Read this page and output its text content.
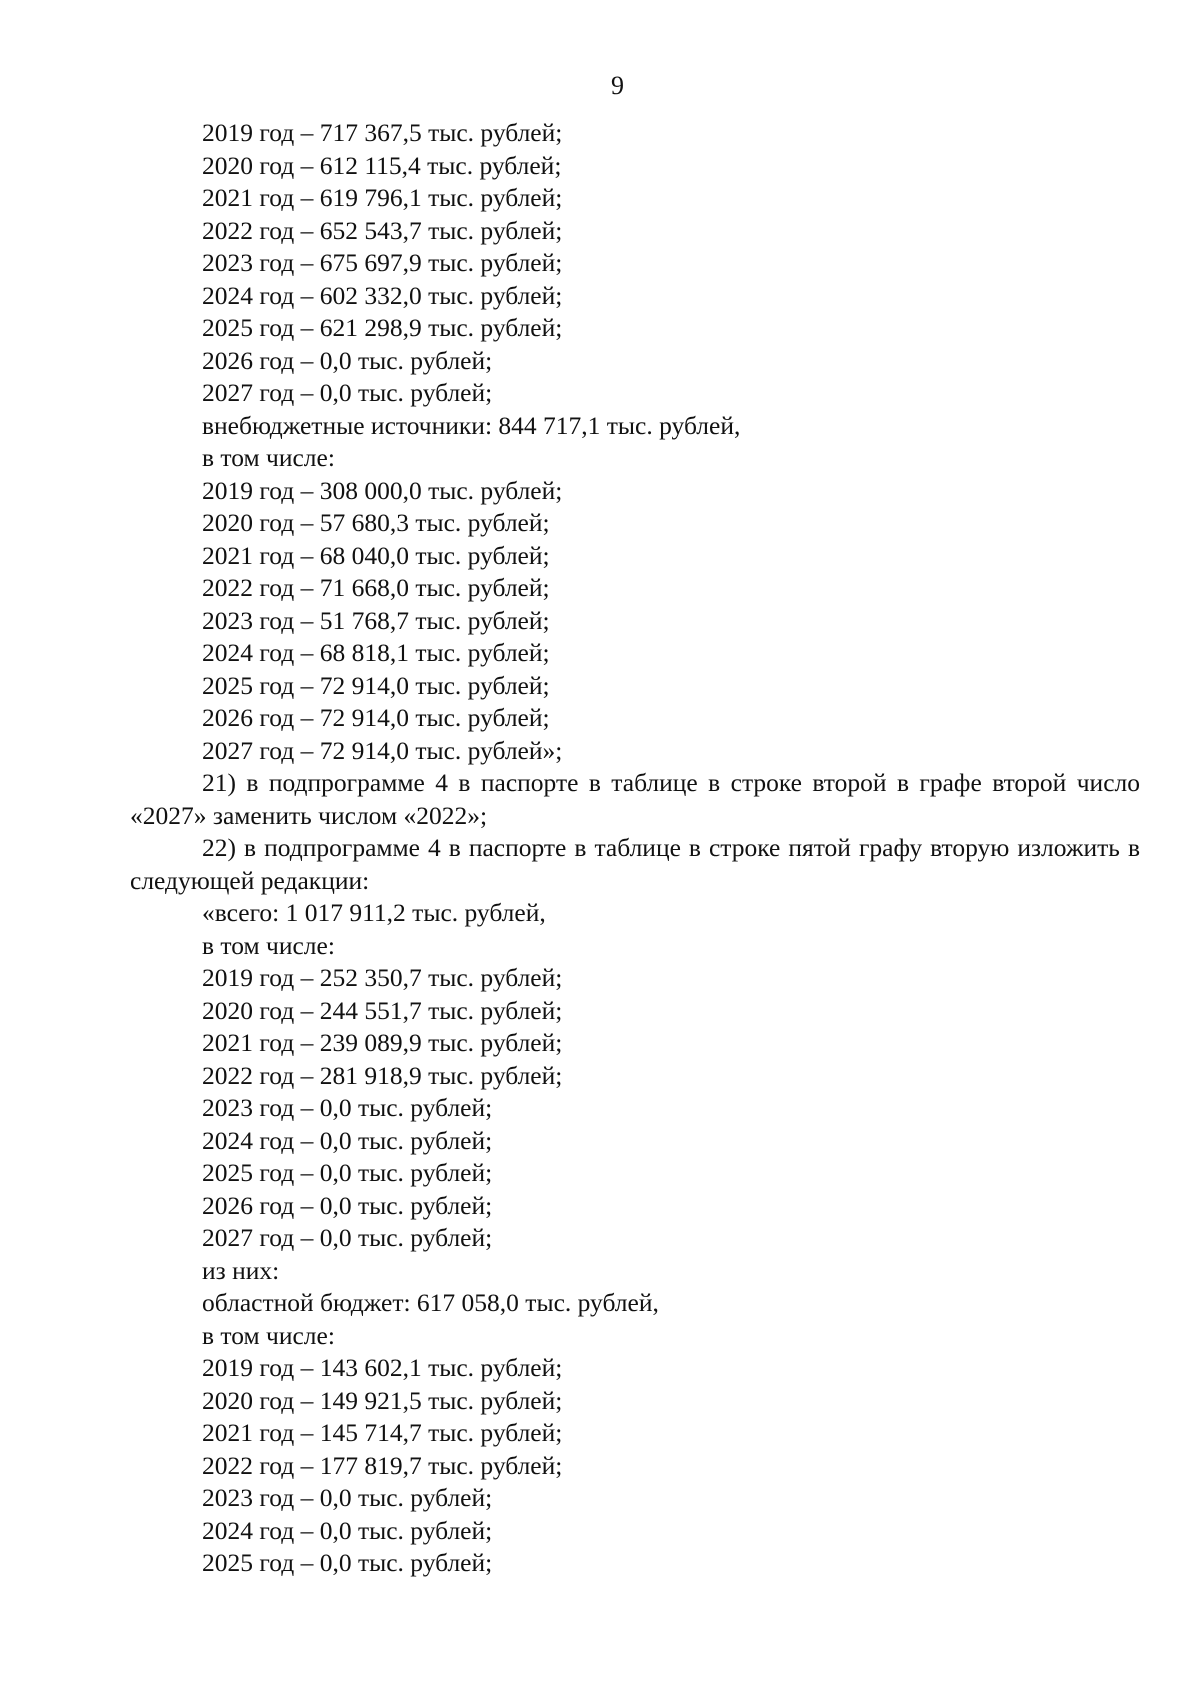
9
2019 год – 717 367,5 тыс. рублей;
2020 год – 612 115,4 тыс. рублей;
2021 год – 619 796,1 тыс. рублей;
2022 год – 652 543,7 тыс. рублей;
2023 год – 675 697,9 тыс. рублей;
2024 год – 602 332,0 тыс. рублей;
2025 год – 621 298,9 тыс. рублей;
2026 год – 0,0 тыс. рублей;
2027 год – 0,0 тыс. рублей;
внебюджетные источники: 844 717,1 тыс. рублей,
в том числе:
2019 год – 308 000,0 тыс. рублей;
2020 год – 57 680,3 тыс. рублей;
2021 год – 68 040,0 тыс. рублей;
2022 год – 71 668,0 тыс. рублей;
2023 год – 51 768,7 тыс. рублей;
2024 год – 68 818,1 тыс. рублей;
2025 год – 72 914,0 тыс. рублей;
2026 год – 72 914,0 тыс. рублей;
2027 год – 72 914,0 тыс. рублей»;
21) в подпрограмме 4 в паспорте в таблице в строке второй в графе второй число «2027» заменить числом «2022»;
22) в подпрограмме 4 в паспорте в таблице в строке пятой графу вторую изложить в следующей редакции:
«всего: 1 017 911,2 тыс. рублей,
в том числе:
2019 год – 252 350,7 тыс. рублей;
2020 год – 244 551,7 тыс. рублей;
2021 год – 239 089,9 тыс. рублей;
2022 год – 281 918,9 тыс. рублей;
2023 год – 0,0 тыс. рублей;
2024 год – 0,0 тыс. рублей;
2025 год – 0,0 тыс. рублей;
2026 год – 0,0 тыс. рублей;
2027 год – 0,0 тыс. рублей;
из них:
областной бюджет: 617 058,0 тыс. рублей,
в том числе:
2019 год – 143 602,1 тыс. рублей;
2020 год – 149 921,5 тыс. рублей;
2021 год – 145 714,7 тыс. рублей;
2022 год – 177 819,7 тыс. рублей;
2023 год – 0,0 тыс. рублей;
2024 год – 0,0 тыс. рублей;
2025 год – 0,0 тыс. рублей;
